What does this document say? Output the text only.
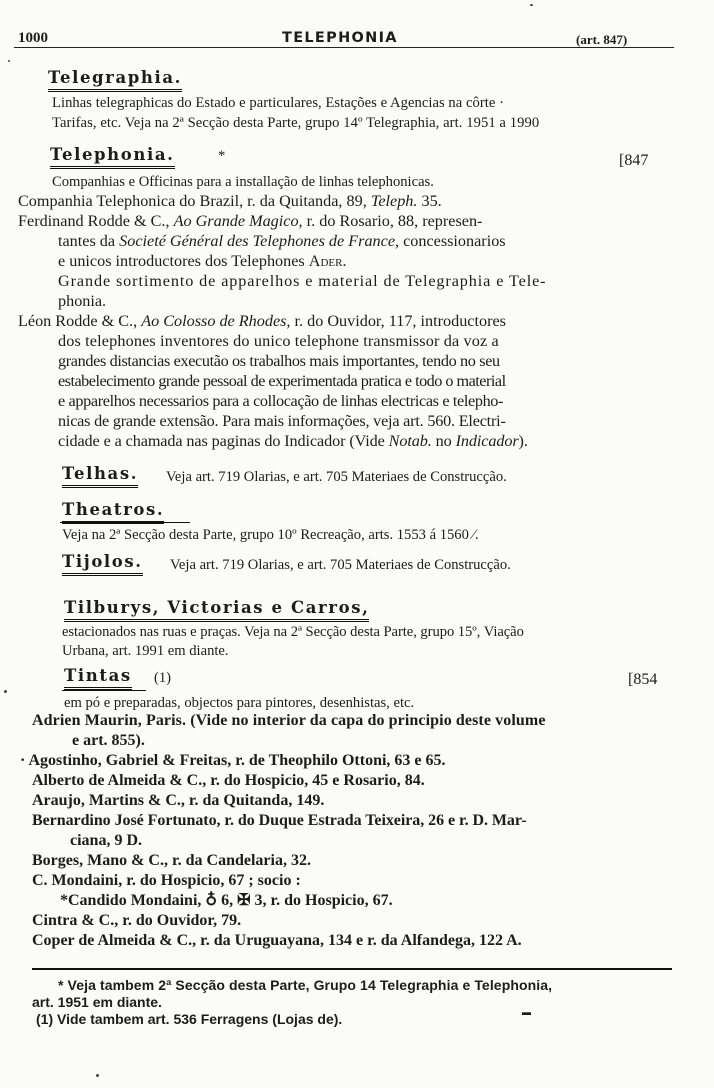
1000	TELEPHONIA	(art. 847)
Telegraphia.
Linhas telegraphicas do Estado e particulares, Estações e Agencias na côrte ·
Tarifas, etc. Veja na 2ª Secção desta Parte, grupo 14º Telegraphia, art. 1951 a 1990
Telephonia.	*	[847
Companhias e Officinas para a installação de linhas telephonicas.
Companhia Telephonica do Brazil, r. da Quitanda, 89, Teleph. 35.
Ferdinand Rodde & C., Ao Grande Magico, r. do Rosario, 88, represen-
tantes da Societé Général des Telephones de France, concessionarios
e unicos introductores dos Telephones Ader.
Grande sortimento de apparelhos e material de Telegraphia e Tele-
phonia.
Léon Rodde & C., Ao Colosso de Rhodes, r. do Ouvidor, 117, introductores
dos telephones inventores do unico telephone transmissor da voz a
grandes distancias executão os trabalhos mais importantes, tendo no seu
estabelecimento grande pessoal de experimentada pratica e todo o material
e apparelhos necessarios para a collocação de linhas electricas e telepho-
nicas de grande extensão. Para mais informações, veja art. 560. Electri-
cidade e a chamada nas paginas do Indicador (Vide Notab. no Indicador).
Telhas. Veja art. 719 Olarias, e art. 705 Materiaes de Construcção.
Theatros.
Veja na 2ª Secção desta Parte, grupo 10º Recreação, arts. 1553 á 1560 ⁄.
Tijolos. Veja art. 719 Olarias, e art. 705 Materiaes de Construcção.
Tilburys, Victorias e Carros,
estacionados nas ruas e praças. Veja na 2ª Secção desta Parte, grupo 15º, Viação
Urbana, art. 1991 em diante.
Tintas (1)	[854
em pó e preparadas, objectos para pintores, desenhistas, etc.
Adrien Maurin, Paris. (Vide no interior da capa do principio deste volume
e art. 855).
· Agostinho, Gabriel & Freitas, r. de Theophilo Ottoni, 63 e 65.
Alberto de Almeida & C., r. do Hospicio, 45 e Rosario, 84.
Araujo, Martins & C., r. da Quitanda, 149.
Bernardino José Fortunato, r. do Duque Estrada Teixeira, 26 e r. D. Mar-
ciana, 9 D.
Borges, Mano & C., r. da Candelaria, 32.
C. Mondaini, r. do Hospicio, 67 ; socio :
*Candido Mondaini, ♁ 6, ✠ 3, r. do Hospicio, 67.
Cintra & C., r. do Ouvidor, 79.
Coper de Almeida & C., r. da Uruguayana, 134 e r. da Alfandega, 122 A.
* Veja tambem 2ª Secção desta Parte, Grupo 14 Telegraphia e Telephonia,
art. 1951 em diante.
▬
(1) Vide tambem art. 536 Ferragens (Lojas de).
